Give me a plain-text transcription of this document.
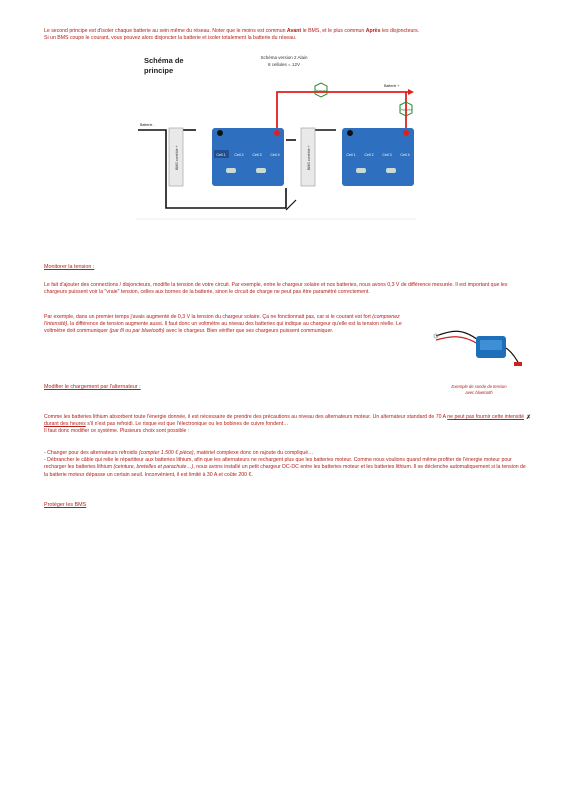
Le second principe est d'isoler chaque batterie au sein même du réseau. Noter que le moins est commun Avant le BMS, et le plus commun Après les disjoncteurs.
Si un BMS coupe le courant, vous pouvez alors disjoncter la batterie et isoler totalement la batterie du réseau.
Schéma de
principe
Schéma version 2 Alain
8 cellules = 12V
Batterie -
Batterie +
Disjoncteur
Disjoncteur
BMS contrôle +	BMS contrôle +
Cell 1 Cell 2 Cell 3 Cell 4	Cell 1 Cell 2 Cell 3 Cell 4
Monitorer la tension :
Le fait d'ajouter des connections / disjoncteurs, modifie la tension de votre circuit. Par exemple, entre le chargeur solaire et nos batteries, nous avons 0,3 V de différence mesurée. Il est important que les chargeurs puissent voir la "vraie" tension, celles aux bornes de la batterie, sinon le circuit de charge ne peut pas être paramétré correctement.
Par exemple, dans un premier temps j'avais augmenté de 0,3 V la tension du chargeur solaire. Ça ne fonctionnait pas, car si le courant est fort (comprenez l'intensité), la différence de tension augmente aussi. Il faut donc un voltmètre au niveau des batteries qui indique au chargeur qu'elle est la tension réelle. Le voltmètre doit communiquer (par fil ou par bluetooth) avec le chargeur. Bien vérifier que ses chargeurs puissent communiquer.
Exemple de sonde de tension
avec bluetooth
Modifier le chargement par l'alternateur :
Comme les batteries lithium absorbent toute l'énergie donnée, il est nécessaire de prendre des précautions au niveau des alternateurs moteur. Un alternateur standard de 70 A ne peut pas fournir cette intensité durant des heures s'il n'est pas refroidi. Le risque est que l'électronique ou les bobines de cuivre fondent…
Il faut donc modifier ce système. Plusieurs choix sont possible :
- Changer pour des alternateurs refroidis (compter 1.500 € pièce), matériel complexe donc on rajoute du compliqué…
- Débrancher le câble qui relie le répartiteur aux batteries lithium, afin que les alternateurs ne rechargent plus que les batteries moteur. Comme nous voulions quand même profiter de l'énergie moteur pour recharger les batteries lithium (ceinture, bretelles et parachute…), nous avons installé un petit chargeur DC-DC entre les batteries moteur et les batteries lithium. Il se déclenche automatiquement si la tension de la batterie moteur dépasse un certain seuil. Inconvénient, il est limité à 30 A et coûte 200 €.
✗
Protéger les BMS
